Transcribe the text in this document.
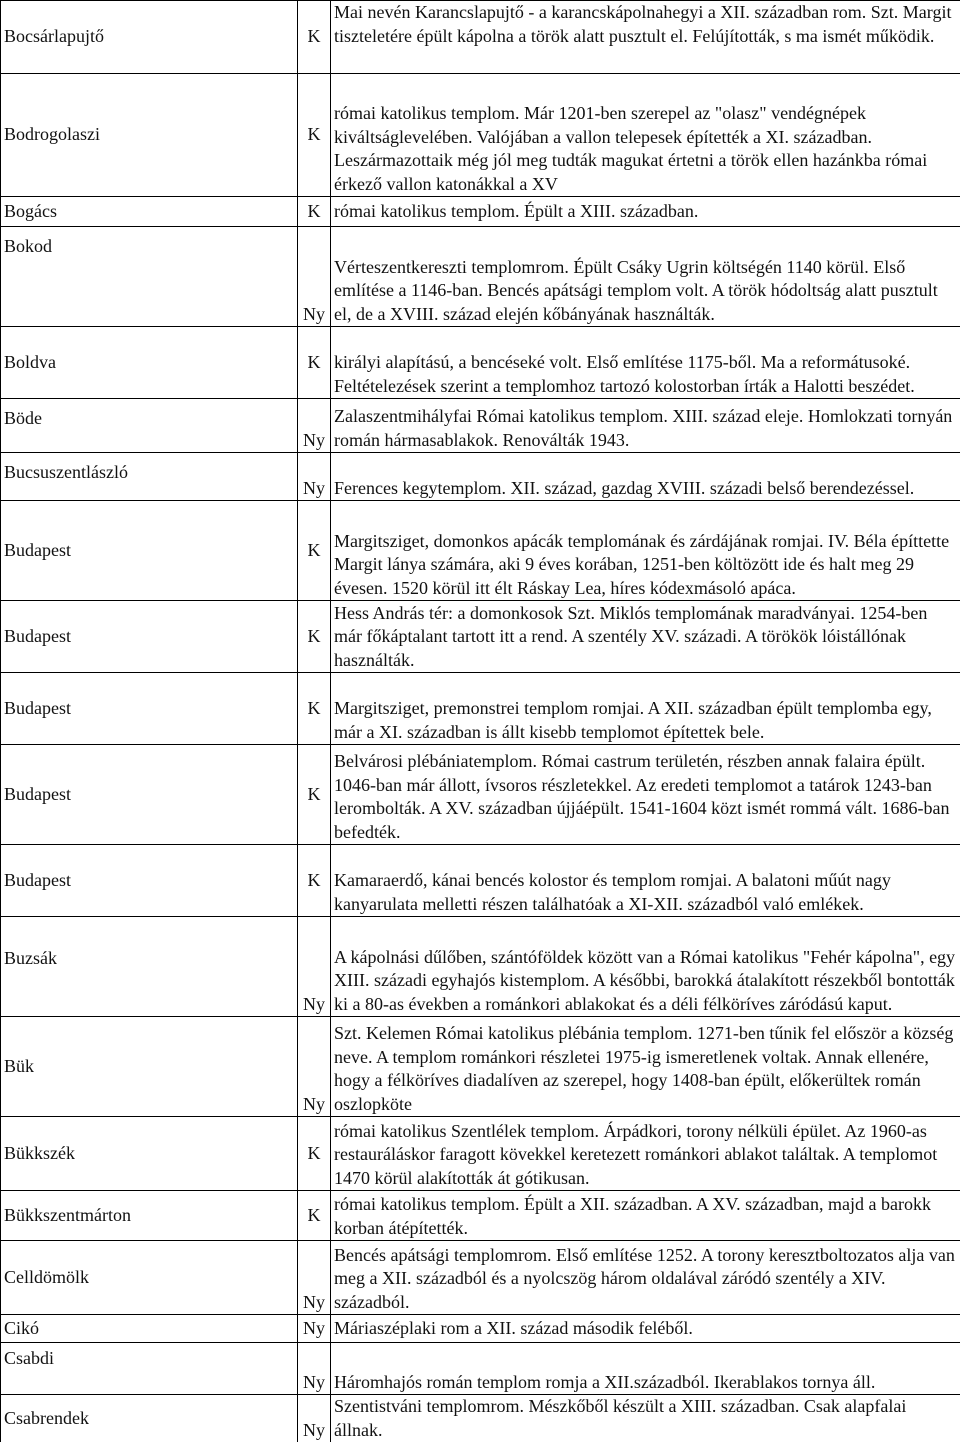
Bocsárlapujtő	K	Mai nevén Karancslapujtő - a karancskápolnahegyi a XII. században rom. Szt. Margit tiszteletére épült kápolna a török alatt pusztult el. Felújították, s ma ismét működik.
Bodrogolaszi	K	római katolikus templom. Már 1201-ben szerepel az "olasz" vendégnépek kiváltságlevelében. Valójában a vallon telepesek építették a XI. században. Leszármazottaik még jól meg tudták magukat értetni a török ellen hazánkba római érkező vallon katonákkal a XV
Bogács	K	római katolikus templom. Épült a XIII. században.
Bokod	Ny	Vérteszentkereszti templomrom. Épült Csáky Ugrin költségén 1140 körül. Első említése a 1146-ban. Bencés apátsági templom volt. A török hódoltság alatt pusztult el, de a XVIII. század elején kőbányának használták.
Boldva	K	királyi alapítású, a bencéseké volt. Első említése 1175-ből. Ma a reformátusoké. Feltételezések szerint a templomhoz tartozó kolostorban írták a Halotti beszédet.
Böde	Ny	Zalaszentmihályfai Római katolikus templom. XIII. század eleje. Homlokzati tornyán román hármasablakok. Renoválták 1943.
Bucsuszentlászló	Ny	Ferences kegytemplom. XII. század, gazdag XVIII. századi belső berendezéssel.
Budapest	K	Margitsziget, domonkos apácák templomának és zárdájának romjai. IV. Béla építtette Margit lánya számára, aki 9 éves korában, 1251-ben költözött ide és halt meg 29 évesen. 1520 körül itt élt Ráskay Lea, híres kódexmásoló apáca.
Budapest	K	Hess András tér: a domonkosok Szt. Miklós templomának maradványai. 1254-ben már főkáptalant tartott itt a rend. A szentély XV. századi. A törökök lóistállónak használták.
Budapest	K	Margitsziget, premonstrei templom romjai. A XII. században épült templomba egy, már a XI. században is állt kisebb templomot építettek bele.
Budapest	K	Belvárosi plébániatemplom. Római castrum területén, részben annak falaira épült. 1046-ban már állott, ívsoros részletekkel. Az eredeti templomot a tatárok 1243-ban lerombolták. A XV. században újjáépült. 1541-1604 közt ismét rommá vált. 1686-ban befedték.
Budapest	K	Kamaraerdő, kánai bencés kolostor és templom romjai. A balatoni műút nagy kanyarulata melletti részen találhatóak a XI-XII. századból való emlékek.
Buzsák	Ny	A kápolnási dűlőben, szántóföldek között van a Római katolikus "Fehér kápolna", egy XIII. századi egyhajós kistemplom. A későbbi, barokká átalakított részekből bontották ki a 80-as években a románkori ablakokat és a déli félköríves záródású kaput.
Bük	Ny	Szt. Kelemen Római katolikus plébánia templom. 1271-ben tűnik fel először a község neve. A templom románkori részletei 1975-ig ismeretlenek voltak. Annak ellenére, hogy a félköríves diadalíven az szerepel, hogy 1408-ban épült, előkerültek román oszlopköte
Bükkszék	K	római katolikus Szentlélek templom. Árpádkori, torony nélküli épület. Az 1960-as restauráláskor faragott kövekkel keretezett románkori ablakot találtak. A templomot 1470 körül alakították át gótikusan.
Bükkszentmárton	K	római katolikus templom. Épült a XII. században. A XV. században, majd a barokk korban átépítették.
Celldömölk	Ny	Bencés apátsági templomrom. Első említése 1252. A torony keresztboltozatos alja van meg a XII. századból és a nyolcszög három oldalával záródó szentély a XIV. századból.
Cikó	Ny	Máriaszéplaki rom a XII. század második feléből.
Csabdi	Ny	Háromhajós román templom romja a XII.századból. Ikerablakos tornya áll.
Csabrendek	Ny	Szentistváni templomrom. Mészkőből készült a XIII. században. Csak alapfalai állnak.
